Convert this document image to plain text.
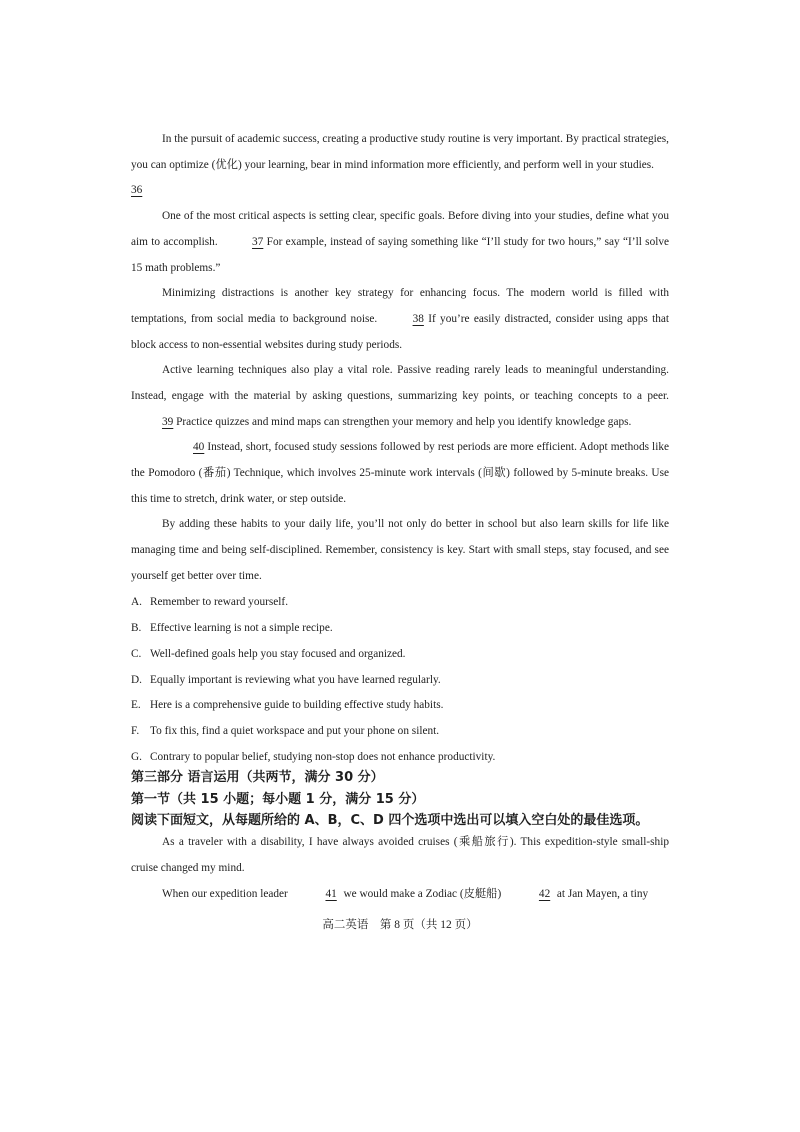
In the pursuit of academic success, creating a productive study routine is very important. By practical strategies, you can optimize (优化) your learning, bear in mind information more efficiently, and perform well in your studies.

36

One of the most critical aspects is setting clear, specific goals. Before diving into your studies, define what you aim to accomplish.	37 For example, instead of saying something like “I’ll study for two hours,” say “I’ll solve 15 math problems.”

Minimizing distractions is another key strategy for enhancing focus. The modern world is filled with temptations, from social media to background noise.	38 If you’re easily distracted, consider using apps that block access to non-essential websites during study periods.

Active learning techniques also play a vital role. Passive reading rarely leads to meaningful understanding. Instead, engage with the material by asking questions, summarizing key points, or teaching concepts to a peer. 39 Practice quizzes and mind maps can strengthen your memory and help you identify knowledge gaps.

40 Instead, short, focused study sessions followed by rest periods are more efficient. Adopt methods like the Pomodoro (番茄) Technique, which involves 25-minute work intervals (间歇) followed by 5-minute breaks. Use this time to stretch, drink water, or step outside.

By adding these habits to your daily life, you’ll not only do better in school but also learn skills for life like managing time and being self-disciplined. Remember, consistency is key. Start with small steps, stay focused, and see yourself get better over time.

A. Remember to reward yourself.
B. Effective learning is not a simple recipe.
C. Well-defined goals help you stay focused and organized.
D. Equally important is reviewing what you have learned regularly.
E. Here is a comprehensive guide to building effective study habits.
F. To fix this, find a quiet workspace and put your phone on silent.
G. Contrary to popular belief, studying non-stop does not enhance productivity.
第三部分 语言运用（共两节，满分 30 分）
第一节（共 15 小题；每小题 1 分，满分 15 分）
阅读下面短文，从每题所给的 A、B，C、D 四个选项中选出可以填入空白处的最佳选项。

As a traveler with a disability, I have always avoided cruises (乘船旅行). This expedition-style small-ship cruise changed my mind.

When our expedition leader	41 we would make a Zodiac (皮艇船)	42 at Jan Mayen, a tiny

高二英语　第 8 页（共 12 页）
